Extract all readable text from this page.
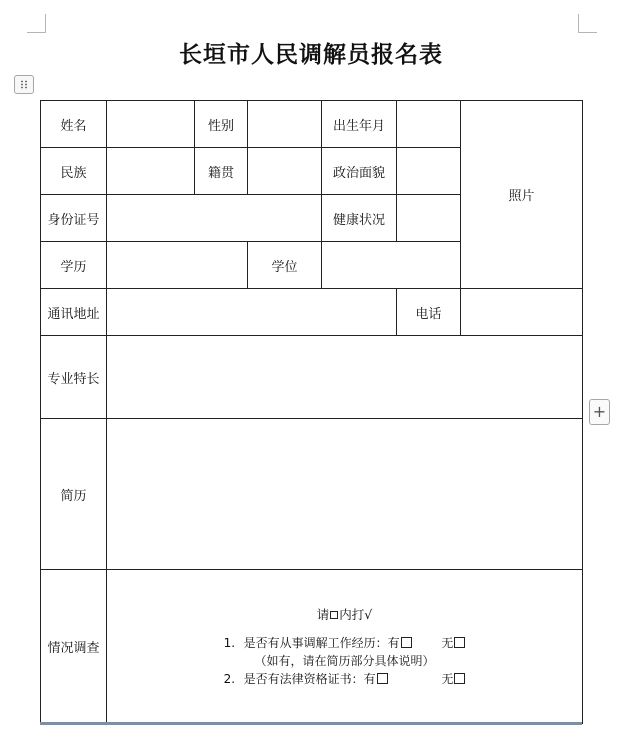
长垣市人民调解员报名表
+
姓名		性别		出生年月		照片
民族		籍贯		政治面貌		
身份证号				健康状况		
学历			学位			
通讯地址					电话	
专业特长						
简历						
情况调查	请 内打√
1. 是否有从事调解工作经历：有 无
（如有，请在简历部分具体说明）
2. 是否有法律资格证书：有 无					
